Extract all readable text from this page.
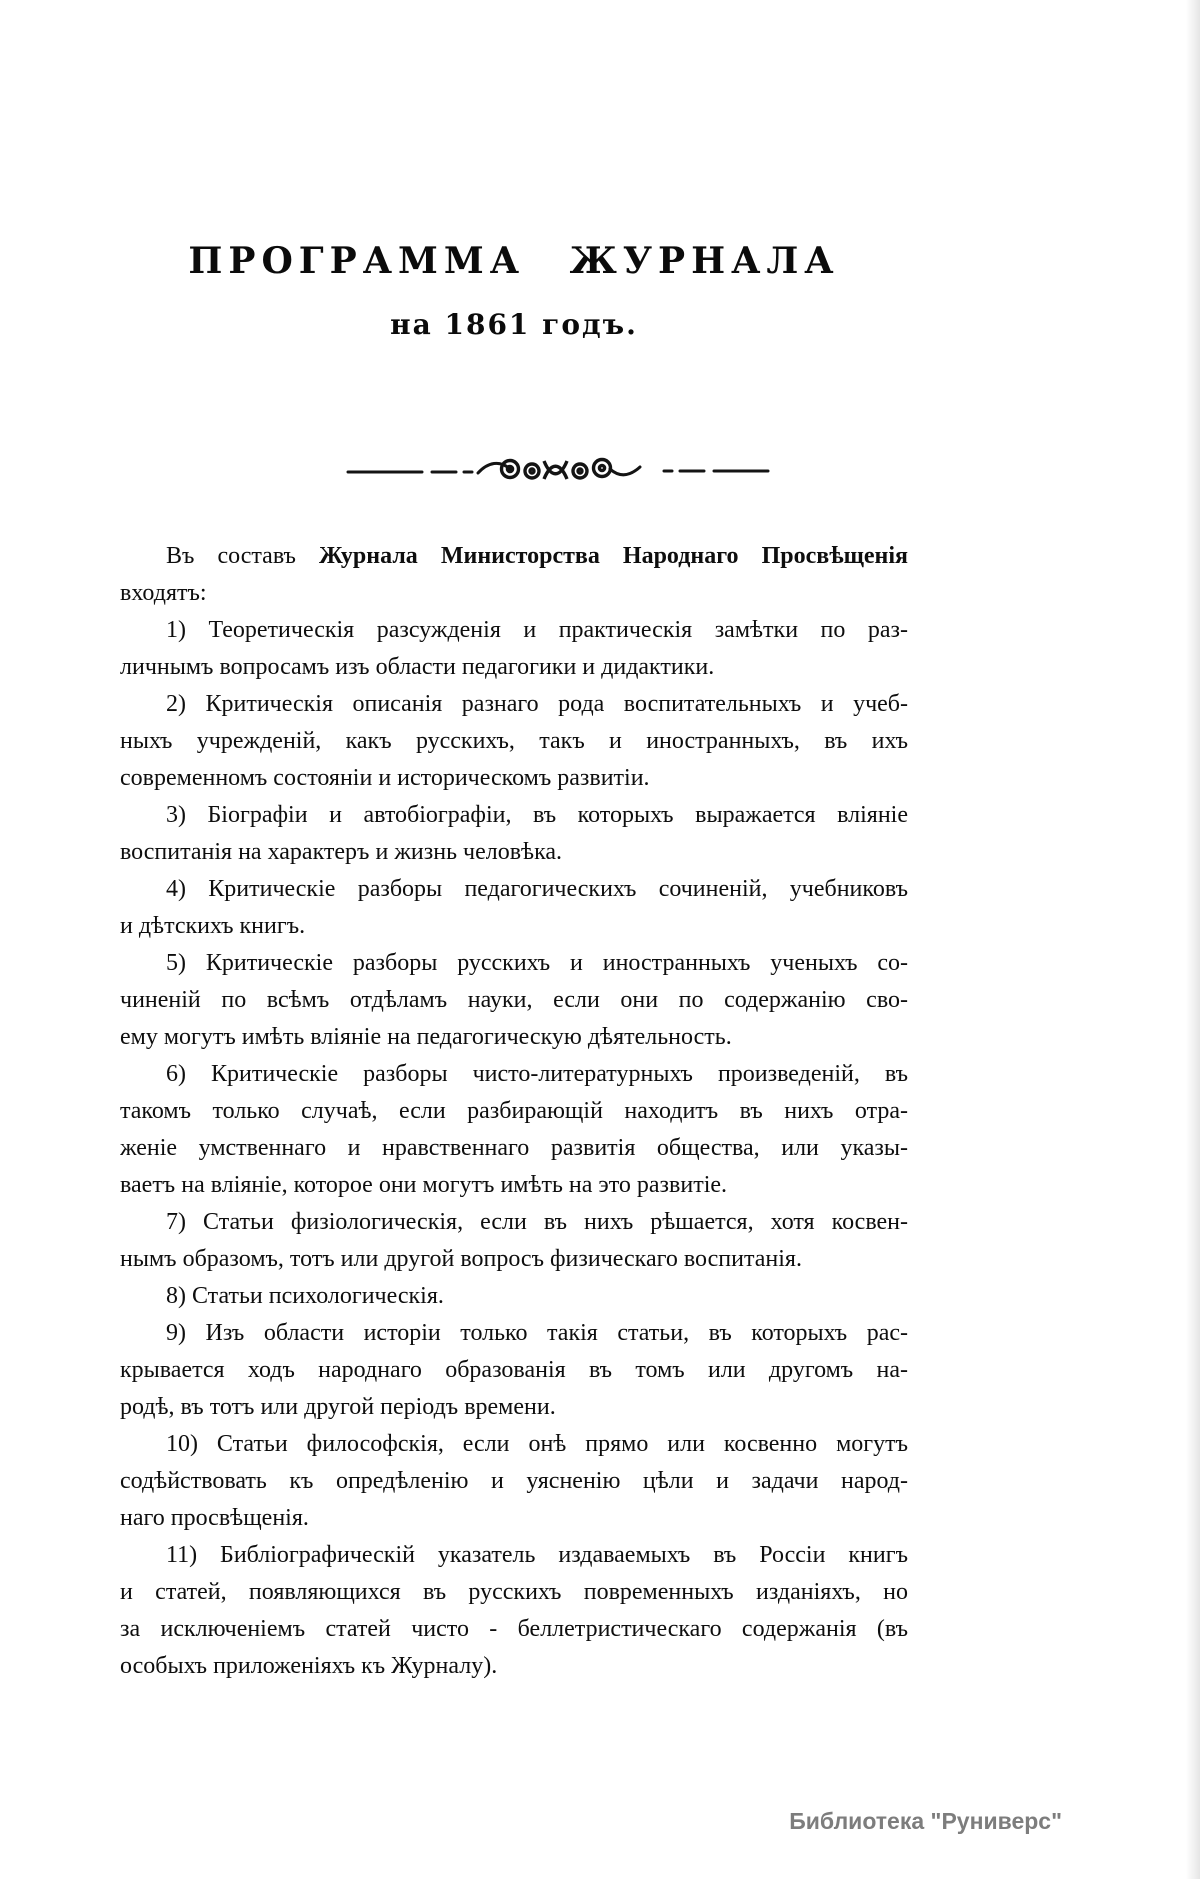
ПРОГРАММА ЖУРНАЛА
на 1861 годъ.
Въ составъ Журнала Министорства Народнаго Просвѣщенія
входятъ:
1) Теоретическія разсужденія и практическія замѣтки по раз-
личнымъ вопросамъ изъ области педагогики и дидактики.
2) Критическія описанія разнаго рода воспитательныхъ и учеб-
ныхъ учрежденій, какъ русскихъ, такъ и иностранныхъ, въ ихъ
современномъ состояніи и историческомъ развитіи.
3) Біографіи и автобіографіи, въ которыхъ выражается вліяніе
воспитанія на характеръ и жизнь человѣка.
4) Критическіе разборы педагогическихъ сочиненій, учебниковъ
и дѣтскихъ книгъ.
5) Критическіе разборы русскихъ и иностранныхъ ученыхъ со-
чиненій по всѣмъ отдѣламъ науки, если они по содержанію сво-
ему могутъ имѣть вліяніе на педагогическую дѣятельность.
6) Критическіе разборы чисто-литературныхъ произведеній, въ
такомъ только случаѣ, если разбирающій находитъ въ нихъ отра-
женіе умственнаго и нравственнаго развитія общества, или указы-
ваетъ на вліяніе, которое они могутъ имѣть на это развитіе.
7) Статьи физіологическія, если въ нихъ рѣшается, хотя косвен-
нымъ образомъ, тотъ или другой вопросъ физическаго воспитанія.
8) Статьи психологическія.
9) Изъ области исторіи только такія статьи, въ которыхъ рас-
крывается ходъ народнаго образованія въ томъ или другомъ на-
родѣ, въ тотъ или другой періодъ времени.
10) Статьи философскія, если онѣ прямо или косвенно могутъ
содѣйствовать къ опредѣленію и уясненію цѣли и задачи народ-
наго просвѣщенія.
11) Библіографическій указатель издаваемыхъ въ Россіи книгъ
и статей, появляющихся въ русскихъ повременныхъ изданіяхъ, но
за исключеніемъ статей чисто - беллетристическаго содержанія (въ
особыхъ приложеніяхъ къ Журналу).
Библиотека "Руниверс"
